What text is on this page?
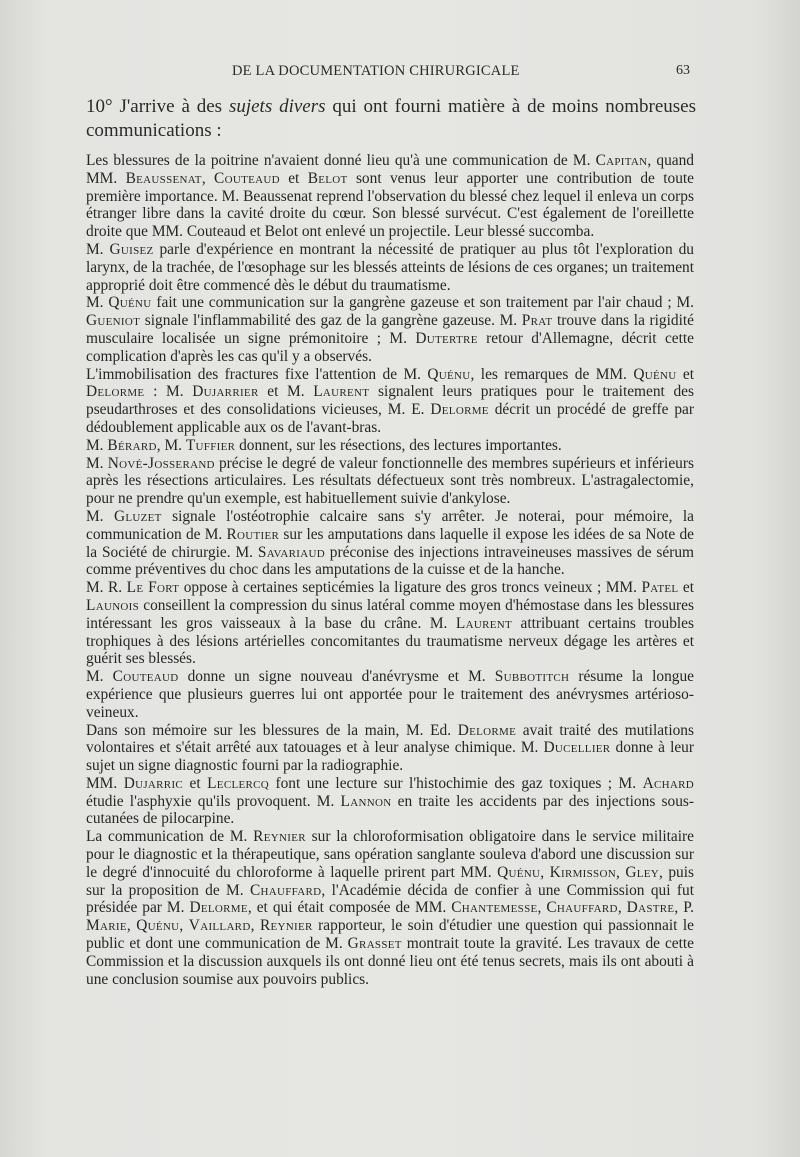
DE LA DOCUMENTATION CHIRURGICALE	63
10° J'arrive à des sujets divers qui ont fourni matière à de moins nombreuses communications :

Les blessures de la poitrine n'avaient donné lieu qu'à une communication de M. Capitan, quand MM. Beaussenat, Couteaud et Belot sont venus leur apporter une contribution de toute première importance. M. Beaussenat reprend l'observation du blessé chez lequel il enleva un corps étranger libre dans la cavité droite du cœur. Son blessé survécut. C'est également de l'oreillette droite que MM. Couteaud et Belot ont enlevé un projectile. Leur blessé succomba.

M. Guisez parle d'expérience en montrant la nécessité de pratiquer au plus tôt l'exploration du larynx, de la trachée, de l'œsophage sur les blessés atteints de lésions de ces organes; un traitement approprié doit être commencé dès le début du traumatisme.

M. Quénu fait une communication sur la gangrène gazeuse et son traitement par l'air chaud ; M. Gueniot signale l'inflammabilité des gaz de la gangrène gazeuse. M. Prat trouve dans la rigidité musculaire localisée un signe prémonitoire ; M. Dutertre retour d'Allemagne, décrit cette complication d'après les cas qu'il y a observés.

L'immobilisation des fractures fixe l'attention de M. Quénu, les remarques de MM. Quénu et Delorme : M. Dujarrier et M. Laurent signalent leurs pratiques pour le traitement des pseudarthroses et des consolidations vicieuses, M. E. Delorme décrit un procédé de greffe par dédoublement applicable aux os de l'avant-bras.

M. Bérard, M. Tuffier donnent, sur les résections, des lectures importantes.

M. Nové-Josserand précise le degré de valeur fonctionnelle des membres supérieurs et inférieurs après les résections articulaires. Les résultats défectueux sont très nombreux. L'astragalectomie, pour ne prendre qu'un exemple, est habituellement suivie d'ankylose.

M. Gluzet signale l'ostéotrophie calcaire sans s'y arrêter. Je noterai, pour mémoire, la communication de M. Routier sur les amputations dans laquelle il expose les idées de sa Note de la Société de chirurgie. M. Savariaud préconise des injections intraveineuses massives de sérum comme préventives du choc dans les amputations de la cuisse et de la hanche.

M. R. Le Fort oppose à certaines septicémies la ligature des gros troncs veineux ; MM. Patel et Launois conseillent la compression du sinus latéral comme moyen d'hémostase dans les blessures intéressant les gros vaisseaux à la base du crâne. M. Laurent attribuant certains troubles trophiques à des lésions artérielles concomitantes du traumatisme nerveux dégage les artères et guérit ses blessés.

M. Couteaud donne un signe nouveau d'anévrysme et M. Subbotitch résume la longue expérience que plusieurs guerres lui ont apportée pour le traitement des anévrysmes artérioso-veineux.

Dans son mémoire sur les blessures de la main, M. Ed. Delorme avait traité des mutilations volontaires et s'était arrêté aux tatouages et à leur analyse chimique. M. Ducellier donne à leur sujet un signe diagnostic fourni par la radiographie.

MM. Dujarric et Leclercq font une lecture sur l'histochimie des gaz toxiques ; M. Achard étudie l'asphyxie qu'ils provoquent. M. Lannon en traite les accidents par des injections sous-cutanées de pilocarpine.

La communication de M. Reynier sur la chloroformisation obligatoire dans le service militaire pour le diagnostic et la thérapeutique, sans opération sanglante souleva d'abord une discussion sur le degré d'innocuité du chloroforme à laquelle prirent part MM. Quénu, Kirmisson, Gley, puis sur la proposition de M. Chauffard, l'Académie décida de confier à une Commission qui fut présidée par M. Delorme, et qui était composée de MM. Chantemesse, Chauffard, Dastre, P. Marie, Quénu, Vaillard, Reynier rapporteur, le soin d'étudier une question qui passionnait le public et dont une communication de M. Grasset montrait toute la gravité. Les travaux de cette Commission et la discussion auxquels ils ont donné lieu ont été tenus secrets, mais ils ont abouti à une conclusion soumise aux pouvoirs publics.
